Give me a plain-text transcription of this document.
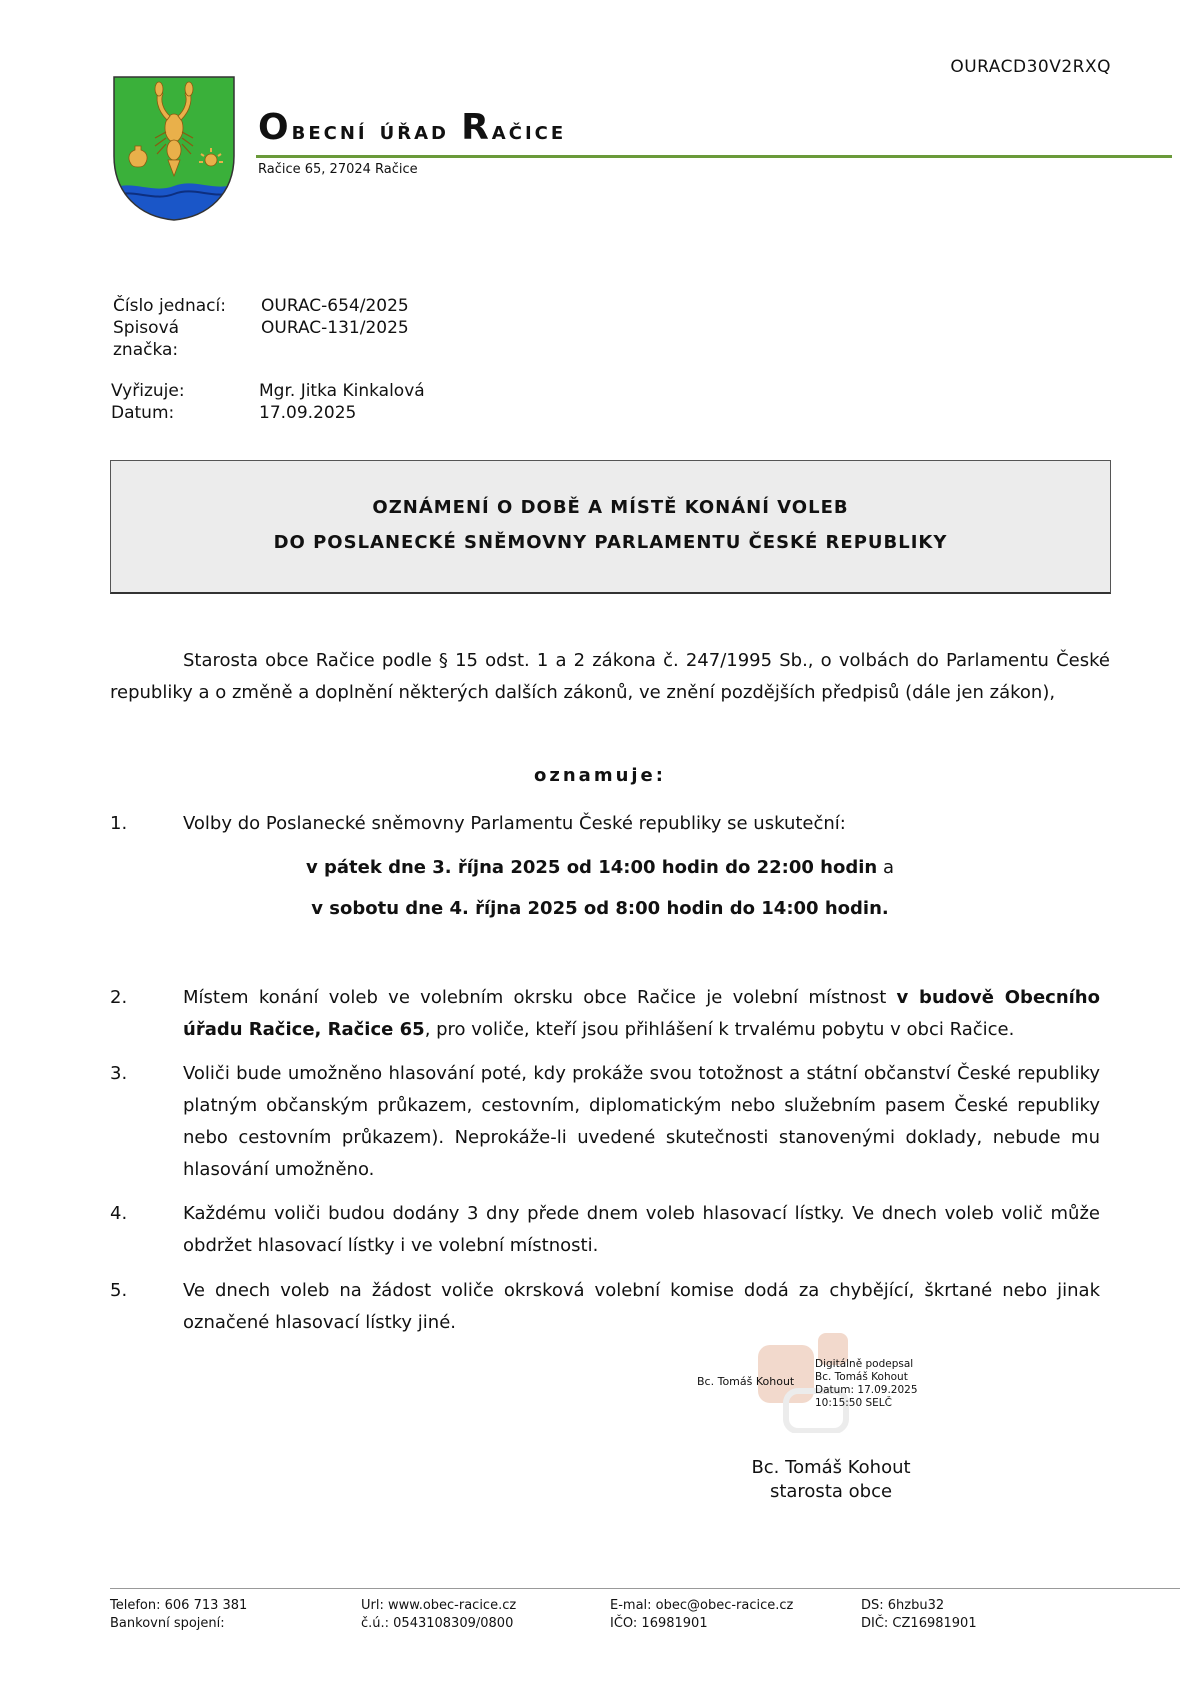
OURACD30V2RXQ
Obecní úřad Račice
Račice 65, 27024 Račice
Číslo jednací: OURAC-654/2025
Spisová	OURAC-131/2025
značka:
Vyřizuje:	Mgr. Jitka Kinkalová
Datum:	17.09.2025
OZNÁMENÍ O DOBĚ A MÍSTĚ KONÁNÍ VOLEB
DO POSLANECKÉ SNĚMOVNY PARLAMENTU ČESKÉ REPUBLIKY

Starosta obce Račice podle § 15 odst. 1 a 2 zákona č. 247/1995 Sb., o volbách do Parlamentu České republiky a o změně a doplnění některých dalších zákonů, ve znění pozdějších předpisů (dále jen zákon),

oznamuje:
1.	Volby do Poslanecké sněmovny Parlamentu České republiky se uskuteční:

v pátek dne 3. října 2025 od 14:00 hodin do 22:00 hodin a
v sobotu dne 4. října 2025 od 8:00 hodin do 14:00 hodin.
2.	Místem konání voleb ve volebním okrsku obce Račice je volební místnost v budově Obecního úřadu Račice, Račice 65, pro voliče, kteří jsou přihlášení k trvalému pobytu v obci Račice.

3.	Voliči bude umožněno hlasování poté, kdy prokáže svou totožnost a státní občanství České republiky platným občanským průkazem, cestovním, diplomatickým nebo služebním pasem České republiky nebo cestovním průkazem). Neprokáže-li uvedené skutečnosti stanovenými doklady, nebude mu hlasování umožněno.

4.	Každému voliči budou dodány 3 dny přede dnem voleb hlasovací lístky. Ve dnech voleb volič může obdržet hlasovací lístky i ve volební místnosti.

5.	Ve dnech voleb na žádost voliče okrsková volební komise dodá za chybějící, škrtané nebo jinak označené hlasovací lístky jiné.

Bc. Tomáš Kohout
Digitálně podepsal
Bc. Tomáš Kohout
Datum: 17.09.2025
10:15:50 SELČ
Bc. Tomáš Kohout
starosta obce
Telefon: 606 713 381
Bankovní spojení:
Url: www.obec-racice.cz
č.ú.: 0543108309/0800
E-mal: obec@obec-racice.cz
IČO: 16981901
DS: 6hzbu32
DIČ: CZ16981901
